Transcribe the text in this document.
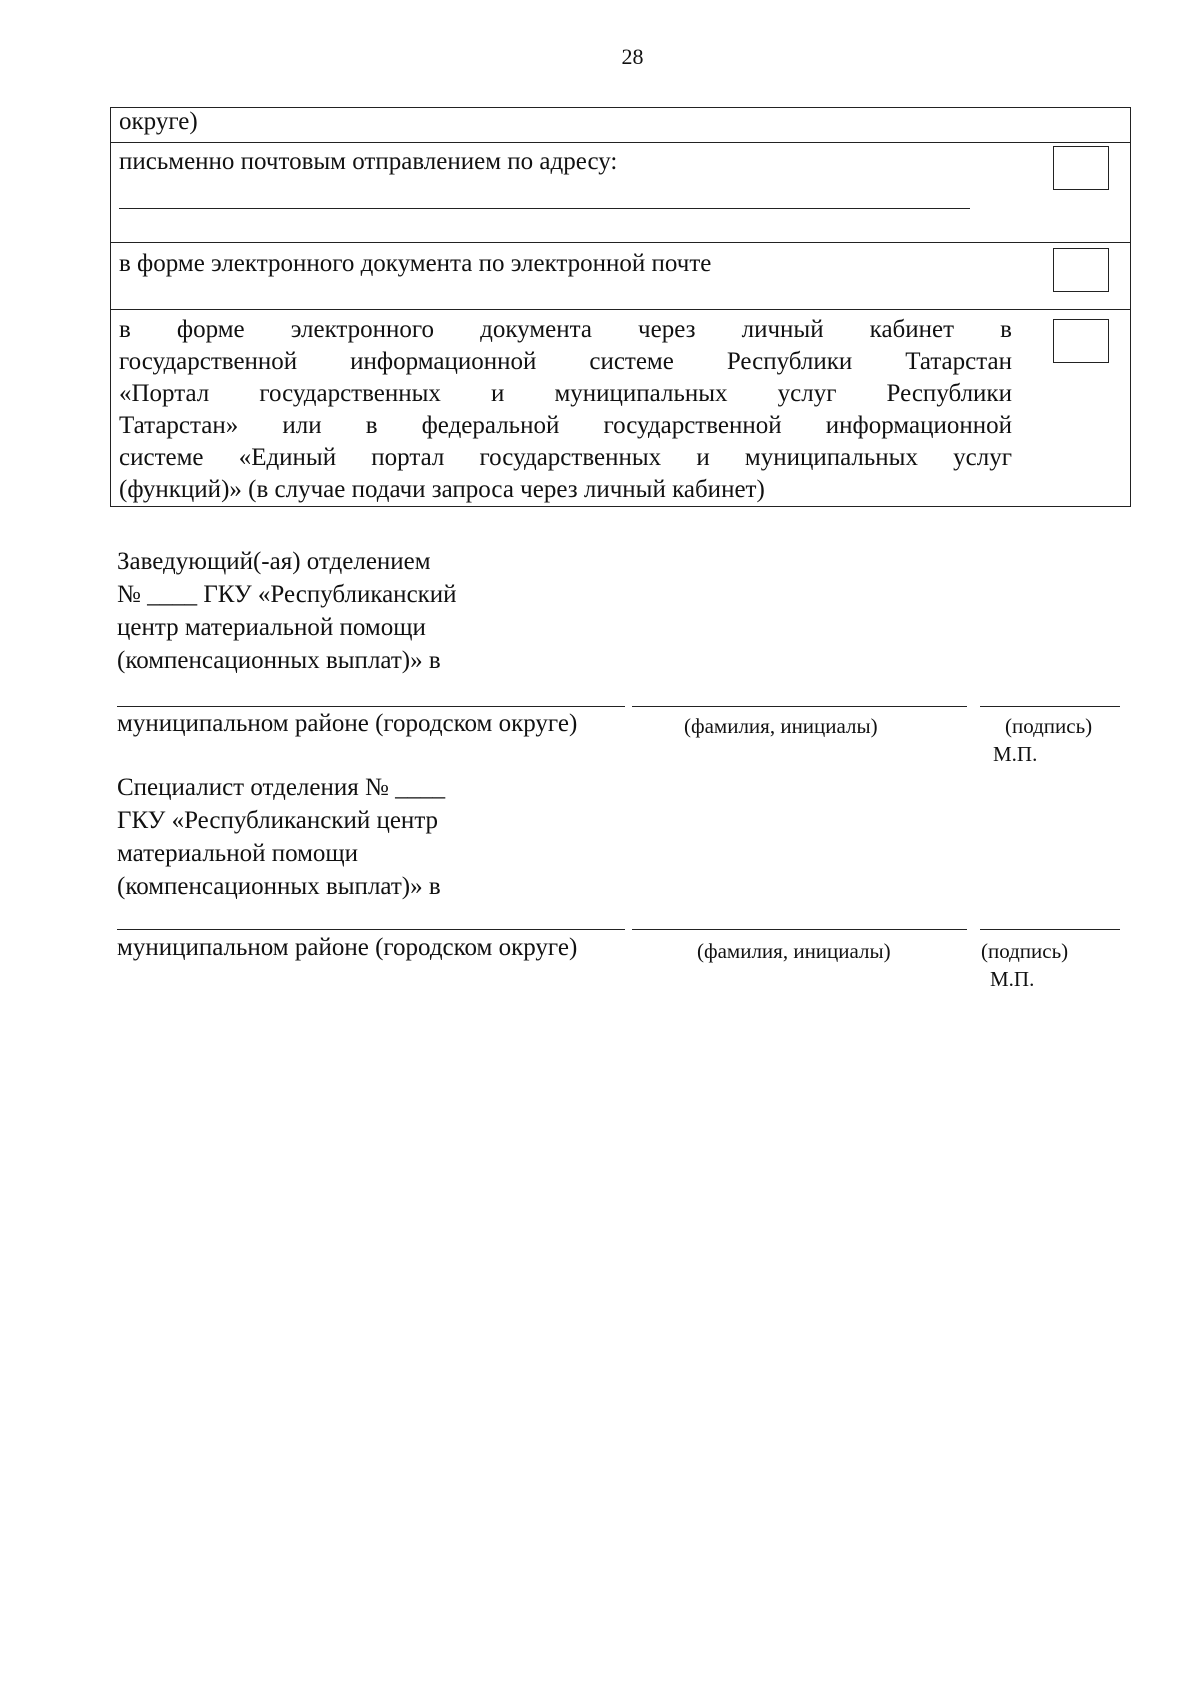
28
округе)
письменно почтовым отправлением по адресу:
в форме электронного документа по электронной почте
в форме электронного документа через личный кабинет в
государственной информационной системе Республики Татарстан
«Портал государственных и муниципальных услуг Республики
Татарстан» или в федеральной государственной информационной
системе «Единый портал государственных и муниципальных услуг
(функций)» (в случае подачи запроса через личный кабинет)
Заведующий(-ая) отделением
№ ____ ГКУ «Республиканский
центр материальной помощи
(компенсационных выплат)» в
муниципальном районе (городском округе)	(фамилия, инициалы)	(подпись)
М.П.
Специалист отделения № ____
ГКУ «Республиканский центр
материальной помощи
(компенсационных выплат)» в
муниципальном районе (городском округе)	(фамилия, инициалы)	(подпись)
М.П.
